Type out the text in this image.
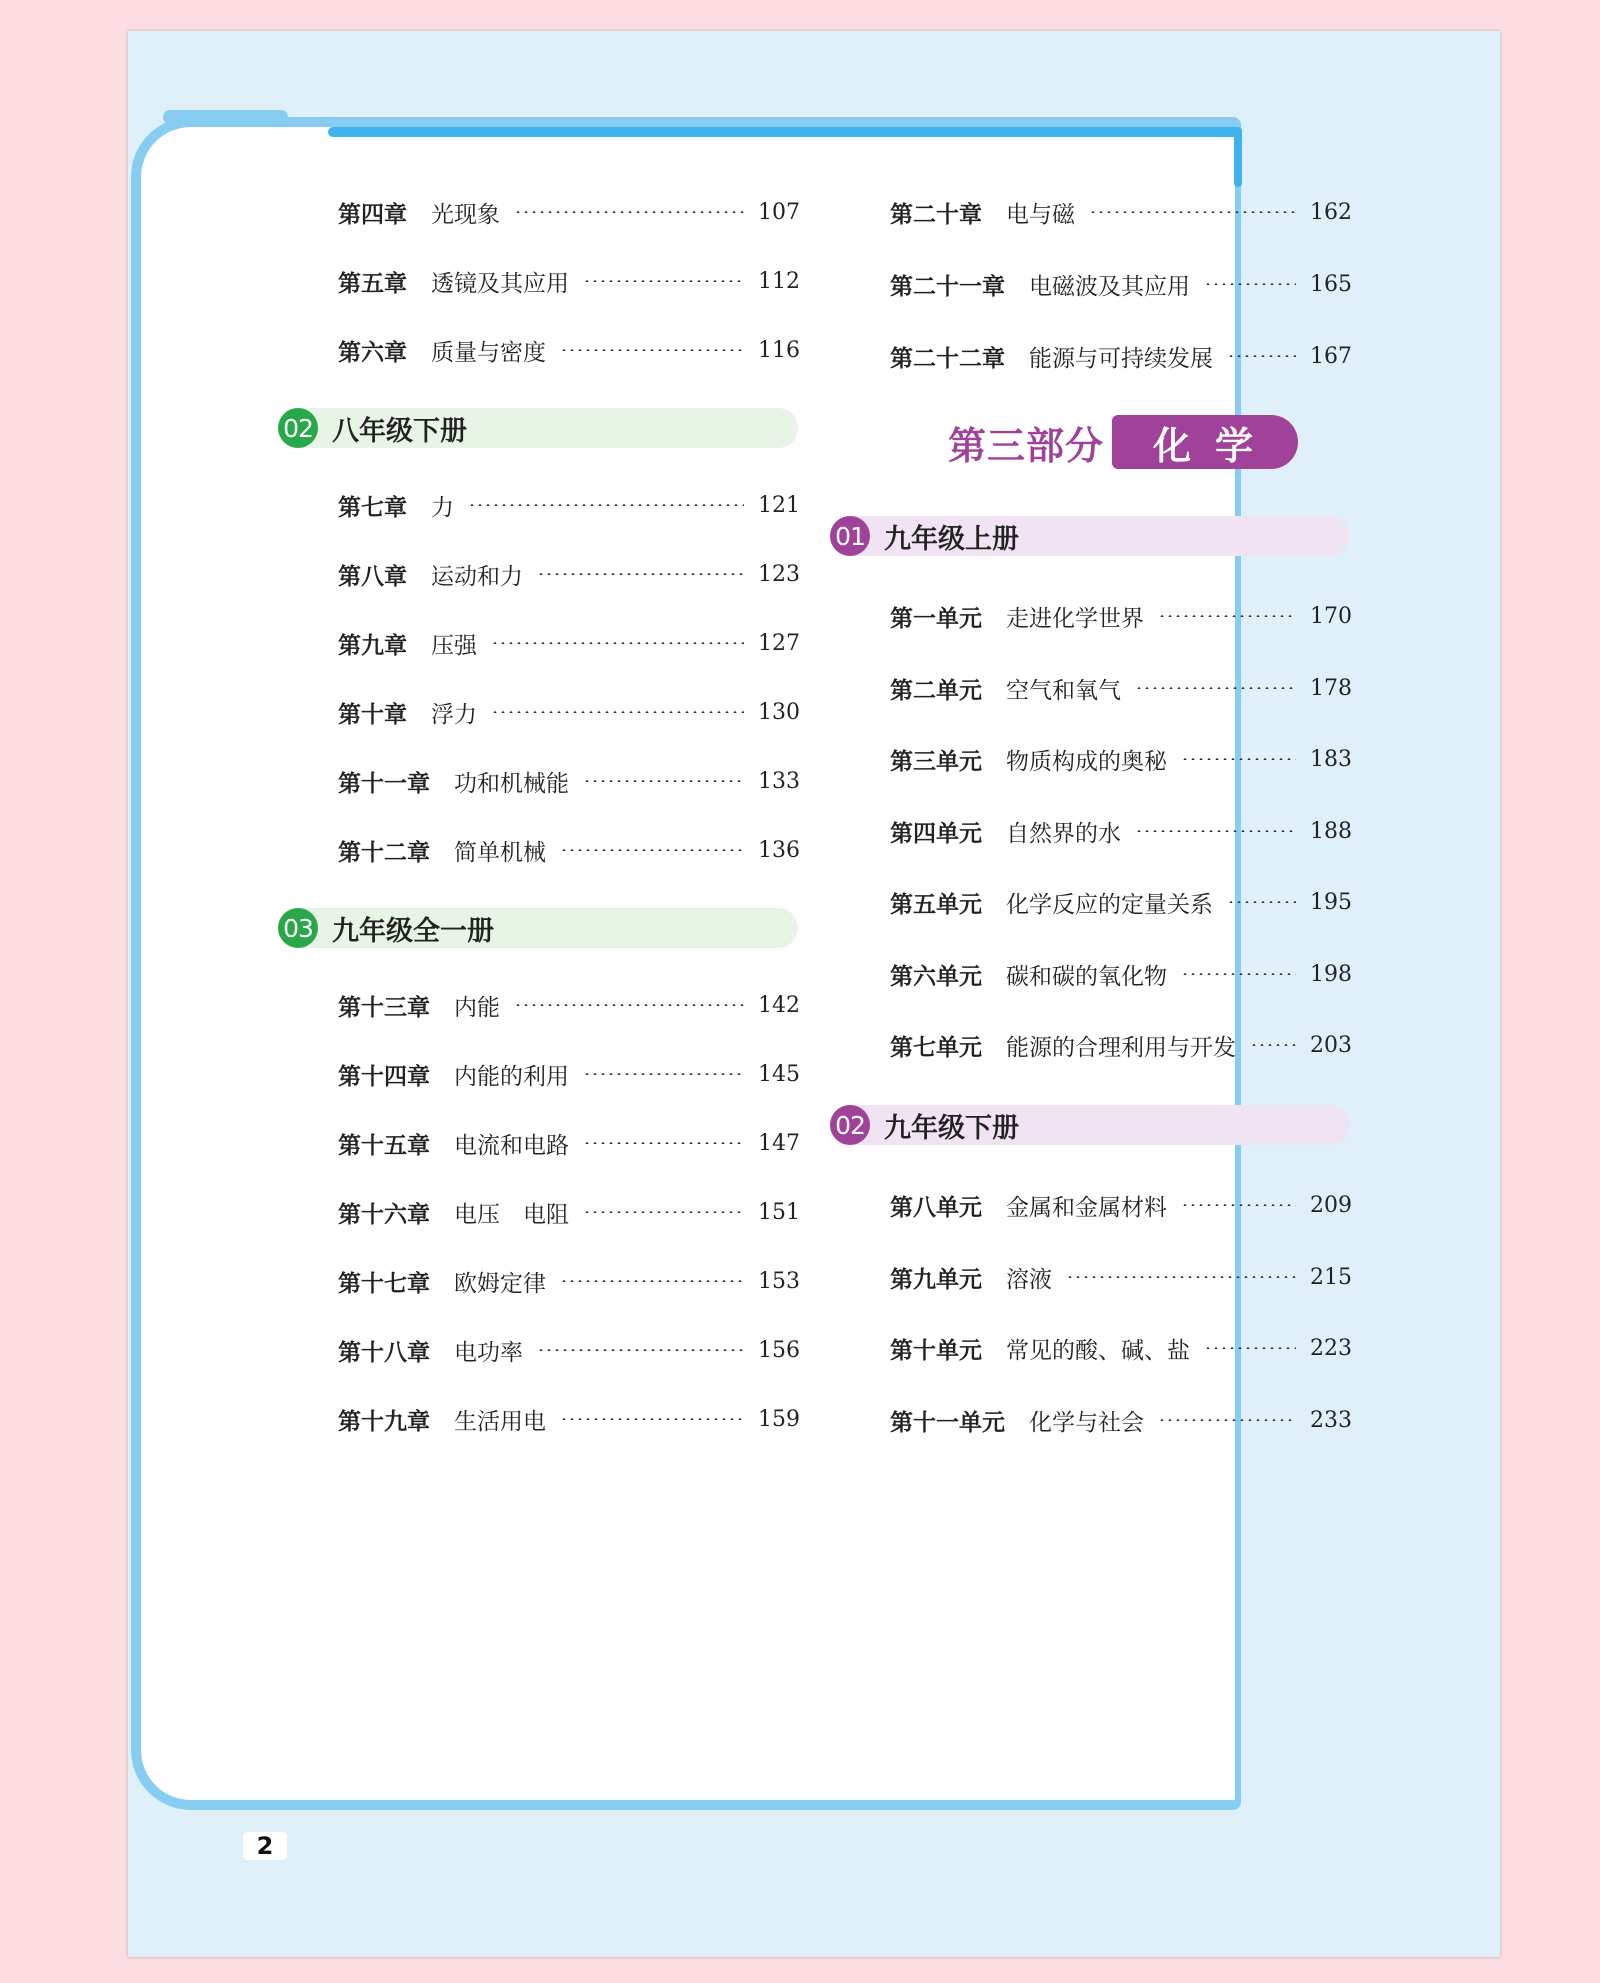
第四章 光现象	107
第五章 透镜及其应用	112
第六章 质量与密度	116
02 八年级下册
第七章 力	121
第八章 运动和力	123
第九章 压强	127
第十章 浮力	130
第十一章 功和机械能	133
第十二章 简单机械	136
03 九年级全一册
第十三章 内能	142
第十四章 内能的利用	145
第十五章 电流和电路	147
第十六章 电压　电阻	151
第十七章 欧姆定律	153
第十八章 电功率	156
第十九章 生活用电	159
第二十章 电与磁	162
第二十一章 电磁波及其应用	165
第二十二章 能源与可持续发展	167
第三部分	化学
01 九年级上册
第一单元 走进化学世界	170
第二单元 空气和氧气	178
第三单元 物质构成的奥秘	183
第四单元 自然界的水	188
第五单元 化学反应的定量关系	195
第六单元 碳和碳的氧化物	198
第七单元 能源的合理利用与开发	203
02 九年级下册
第八单元 金属和金属材料	209
第九单元 溶液	215
第十单元 常见的酸、碱、盐	223
第十一单元 化学与社会	233
2
